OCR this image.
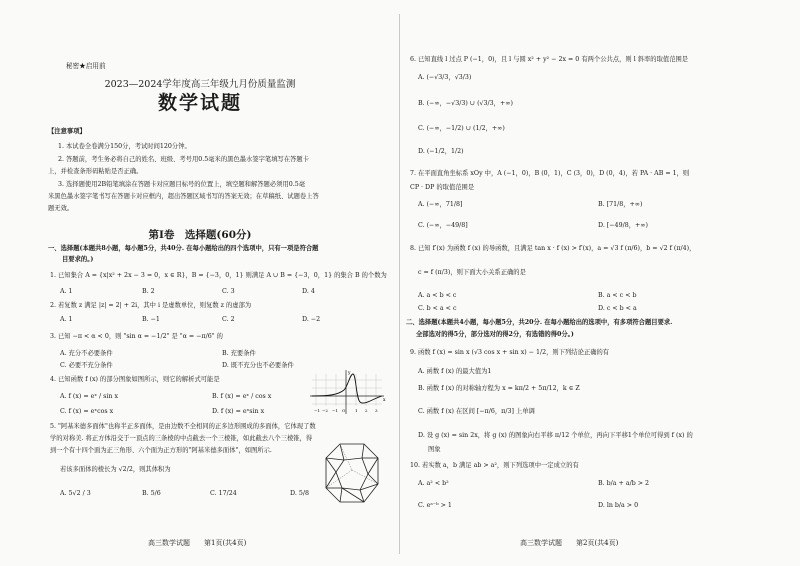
秘密★启用前
2023—2024学年度高三年级九月份质量监测
数学试题
【注意事项】
1. 本试卷全卷满分150分，考试时间120分钟。
2. 答题前，考生务必将自己的姓名、班级、考号用0.5毫米的黑色墨水签字笔填写在答题卡
上，并检查条形码粘贴是否正确。
3. 选择题使用2B铅笔填涂在答题卡对应题目标号的位置上，填空题和解答题必须用0.5毫
米黑色墨水签字笔书写在答题卡对应框内，超出答题区域书写的答案无效；在草稿纸、试题卷上答
题无效。
第Ⅰ卷　选择题(60分)
一、选择题(本题共8小题，每小题5分，共40分. 在每小题给出的四个选项中，只有一项是符合题
目要求的。)
1. 已知集合 A = {x|x² + 2x − 3 = 0，x ∈ R}，B = {−3，0，1} 则满足 A ∪ B = {−3，0，1} 的集合 B 的个数为
A. 1	B. 2	C. 3	D. 4
2. 若复数 z 满足 |z| = 2| + 2i，其中 i 是虚数单位，则复数 z 的虚部为
A. 1	B. −1	C. 2	D. −2
3. 已知 −π < α < 0，则 "sin α = −1/2" 是 "α = −π/6" 的
A. 充分不必要条件	B. 充要条件
C. 必要不充分条件	D. 既不充分也不必要条件
4. 已知函数 f (x) 的部分图象如图所示，则它的解析式可能是
A. f (x) = eˣ / sin x	B. f (x) = eˣ / cos x
C. f (x) = eˣcos x	D. f (x) = eˣsin x
y
x
−1 −2 −1 O 1 2 3
5. "阿基米德多面体"也称半正多面体，是由边数不全相同的正多边形围成的多面体，它体现了数
学的对称美. 将正方体沿交于一顶点的三条棱的中点截去一个三棱锥，如此截去八个三棱锥，得
到一个有十四个面为正三角形、六个面为正方形的"阿基米德多面体"，如图所示.
若该多面体的棱长为 √2/2，则其体积为
A. 5√2 / 3	B. 5/6	C. 17/24	D. 5/8
高三数学试题　　第1页(共4页)
6. 已知直线 l 过点 P (−1，0)，且 l 与圆 x² + y² − 2x = 0 有两个公共点，则 l 斜率的取值范围是
A. (−√3/3，√3/3)
B. (−∞，−√3/3) ∪ (√3/3，+∞)
C. (−∞，−1/2) ∪ (1/2，+∞)
D. (−1/2，1/2)
7. 在平面直角坐标系 xOy 中，A (−1，0)，B (0，1)，C (3，0)，D (0，4)，若 PA · AB = 1，则
CP · DP 的取值范围是
A. (−∞，71/8]	B. [71/8，+∞)
C. (−∞，−49/8]	D. [−49/8，+∞)
8. 已知 f′(x) 为函数 f (x) 的导函数，且满足 tan x · f (x) > f′(x)，a = √3 f (π/6)，b = √2 f (π/4)，
c = f (π/3)，则下面大小关系正确的是
A. a < b < c	B. a < c < b
C. b < a < c	D. c < b < a
二、选择题(本题共4小题，每小题5分，共20分. 在每小题给出的选项中，有多项符合题目要求.
全部选对的得5分，部分选对的得2分，有选错的得0分。)
9. 函数 f (x) = sin x (√3 cos x + sin x) − 1/2，则下列结论正确的有
A. 函数 f (x) 的最大值为1
B. 函数 f (x) 的对称轴方程为 x = kπ/2 + 5π/12，k ∈ Z
C. 函数 f (x) 在区间 [−π/6，π/3] 上单调
D. 设 g (x) = sin 2x，将 g (x) 的图象向右平移 π/12 个单位，再向下平移1个单位可得到 f (x) 的
图象
10. 若实数 a，b 满足 ab > a²，则下列选项中一定成立的有
A. a² < b²	B. b/a + a/b > 2
C. eᵃ⁻ᵇ > 1	D. ln b/a > 0
高三数学试题　　第2页(共4页)
